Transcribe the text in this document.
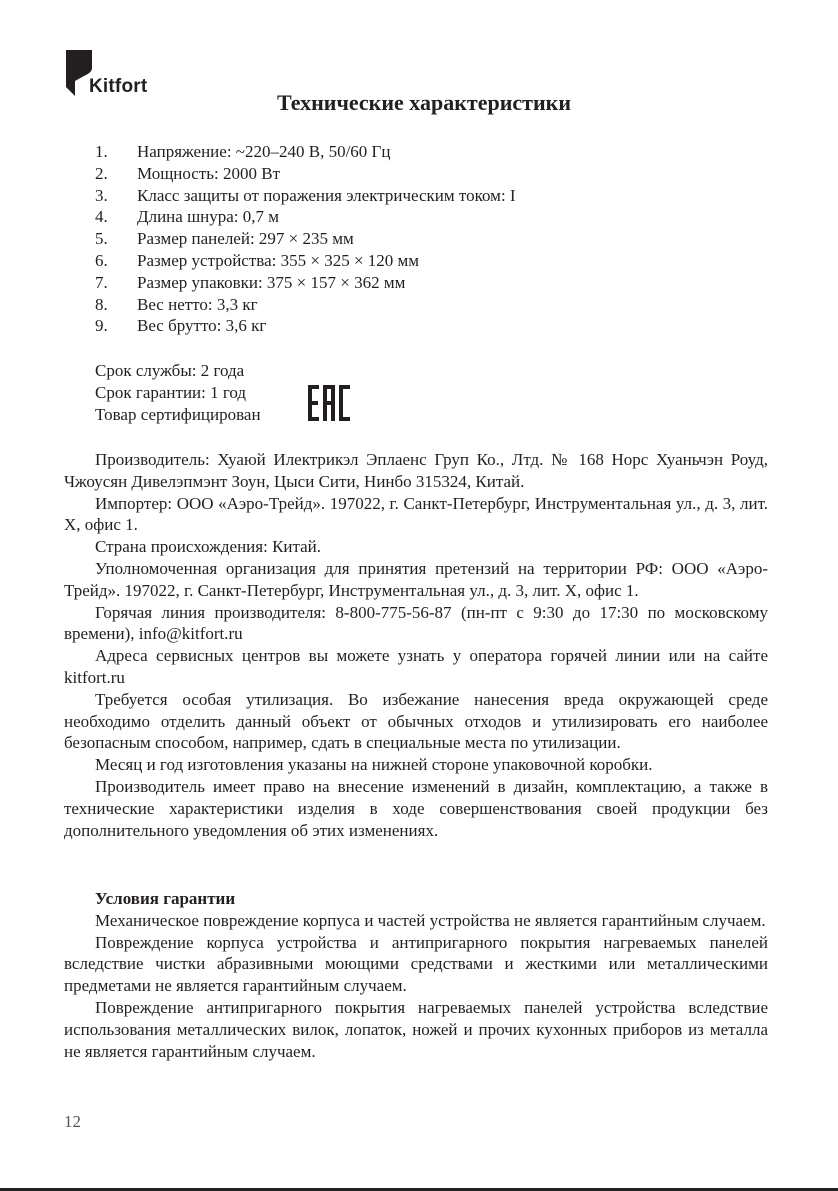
Kitfort
Технические характеристики
1.	Напряжение: ~220–240 В, 50/60 Гц
2.	Мощность: 2000 Вт
3.	Класс защиты от поражения электрическим током: I
4.	Длина шнура: 0,7 м
5.	Размер панелей: 297 × 235 мм
6.	Размер устройства: 355 × 325 × 120 мм
7.	Размер упаковки: 375 × 157 × 362 мм
8.	Вес нетто: 3,3 кг
9.	Вес брутто: 3,6 кг
Срок службы: 2 года
Срок гарантии: 1 год
Товар сертифицирован

Производитель: Хуаюй Илектрикэл Эплаенс Груп Ко., Лтд. № 168 Норс Хуаньчэн Роуд, Чжоусян Дивелэпмэнт Зоун, Цыси Сити, Нинбо 315324, Китай.

Импортер: ООО «Аэро-Трейд». 197022, г. Санкт-Петербург, Инструментальная ул., д. 3, лит. Х, офис 1.

Страна происхождения: Китай.

Уполномоченная организация для принятия претензий на территории РФ: ООО «Аэро-Трейд». 197022, г. Санкт-Петербург, Инструментальная ул., д. 3, лит. Х, офис 1.

Горячая линия производителя: 8-800-775-56-87 (пн-пт с 9:30 до 17:30 по московскому времени), info@kitfort.ru

Адреса сервисных центров вы можете узнать у оператора горячей линии или на сайте kitfort.ru

Требуется особая утилизация. Во избежание нанесения вреда окружающей среде необходимо отделить данный объект от обычных отходов и утилизировать его наиболее безопасным способом, например, сдать в специальные места по утилизации.

Месяц и год изготовления указаны на нижней стороне упаковочной коробки.

Производитель имеет право на внесение изменений в дизайн, комплектацию, а также в технические характеристики изделия в ходе совершенствования своей продукции без дополнительного уведомления об этих изменениях.

Условия гарантии

Механическое повреждение корпуса и частей устройства не является гарантийным случаем.

Повреждение корпуса устройства и антипригарного покрытия нагреваемых панелей вследствие чистки абразивными моющими средствами и жесткими или металлическими предметами не является гарантийным случаем.

Повреждение антипригарного покрытия нагреваемых панелей устройства вследствие использования металлических вилок, лопаток, ножей и прочих кухонных приборов из металла не является гарантийным случаем.

12
